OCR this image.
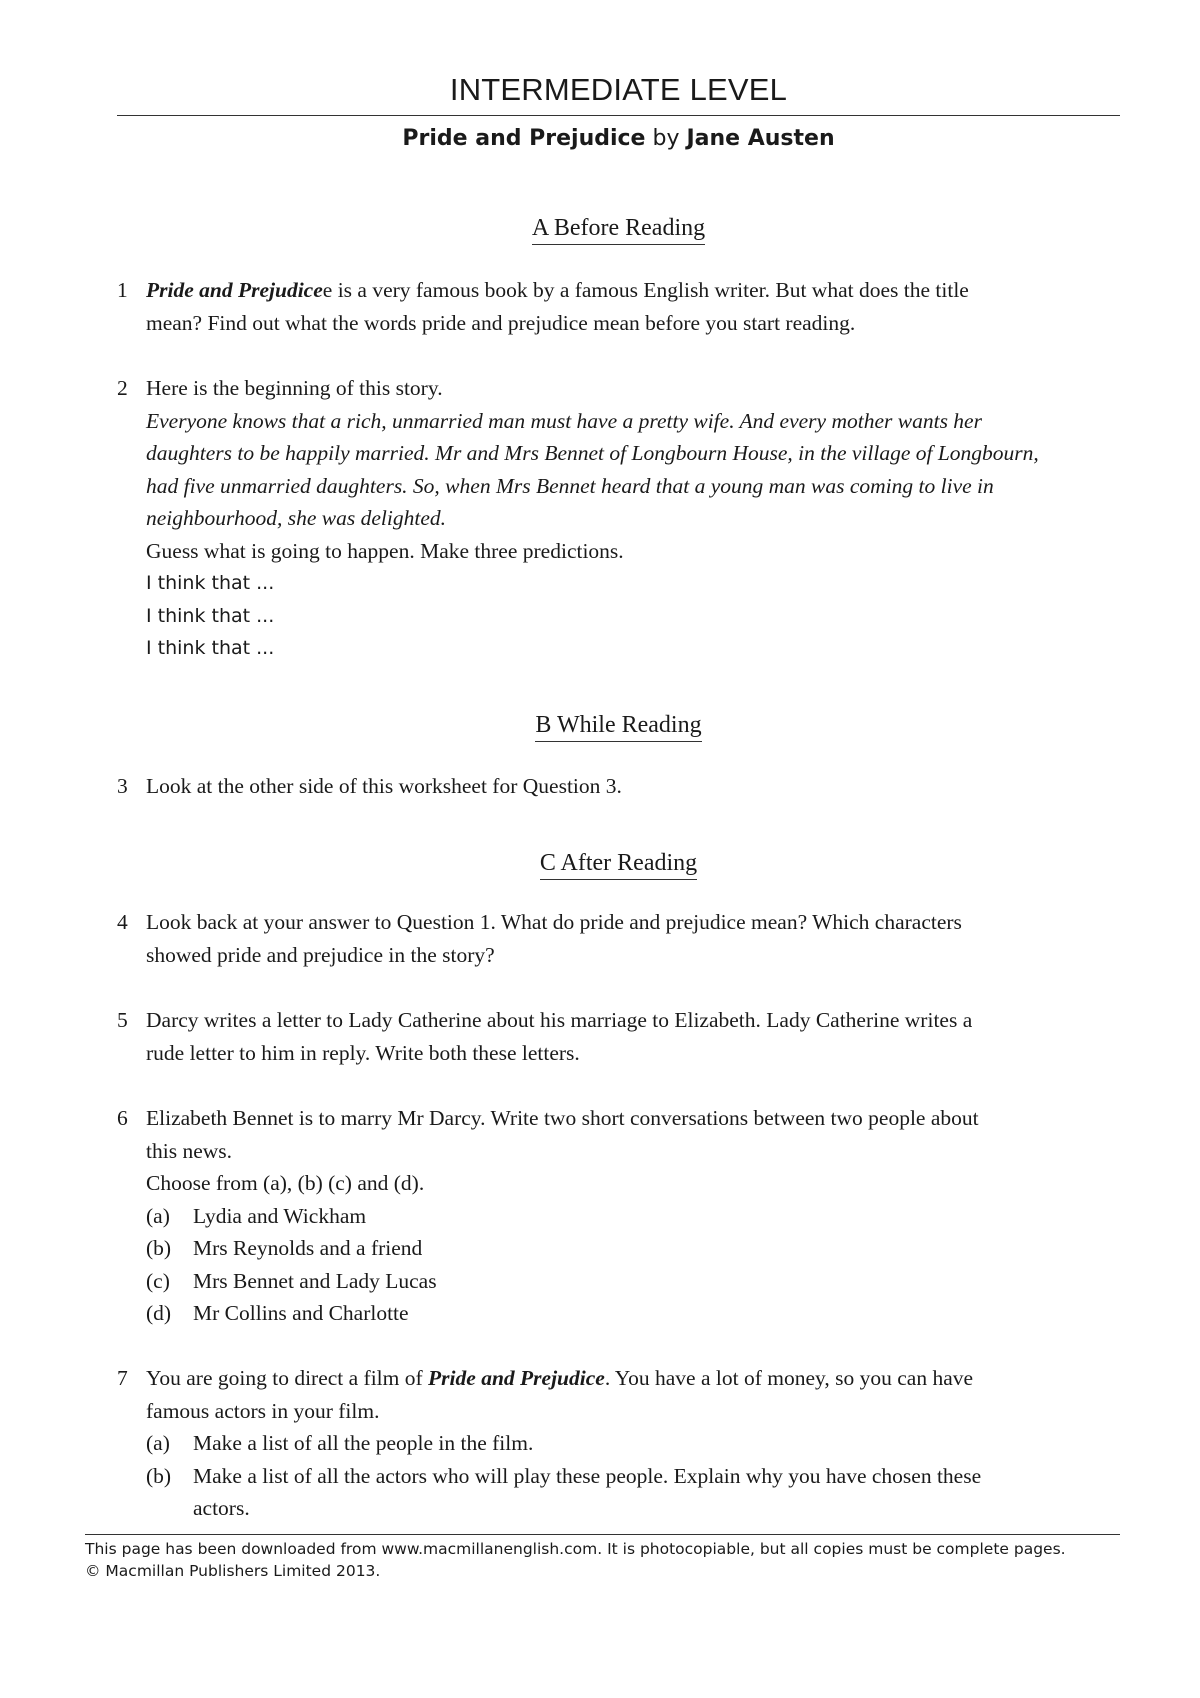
INTERMEDIATE LEVEL
Pride and Prejudice by Jane Austen
A Before Reading
1 Pride and Prejudicee is a very famous book by a famous English writer. But what does the title
mean? Find out what the words pride and prejudice mean before you start reading.
2 Here is the beginning of this story.
Everyone knows that a rich, unmarried man must have a pretty wife. And every mother wants her
daughters to be happily married. Mr and Mrs Bennet of Longbourn House, in the village of Longbourn,
had five unmarried daughters. So, when Mrs Bennet heard that a young man was coming to live in
neighbourhood, she was delighted.
Guess what is going to happen. Make three predictions.
I think that ...
I think that ...
I think that ...
B While Reading
3 Look at the other side of this worksheet for Question 3.
C After Reading
4 Look back at your answer to Question 1. What do pride and prejudice mean? Which characters
showed pride and prejudice in the story?
5 Darcy writes a letter to Lady Catherine about his marriage to Elizabeth. Lady Catherine writes a
rude letter to him in reply. Write both these letters.
6 Elizabeth Bennet is to marry Mr Darcy. Write two short conversations between two people about
this news.
Choose from (a), (b) (c) and (d).
(a) Lydia and Wickham
(b) Mrs Reynolds and a friend
(c) Mrs Bennet and Lady Lucas
(d) Mr Collins and Charlotte
7 You are going to direct a film of Pride and Prejudice. You have a lot of money, so you can have
famous actors in your film.
(a) Make a list of all the people in the film.
(b) Make a list of all the actors who will play these people. Explain why you have chosen these
actors.
This page has been downloaded from www.macmillanenglish.com. It is photocopiable, but all copies must be complete pages.
© Macmillan Publishers Limited 2013.
